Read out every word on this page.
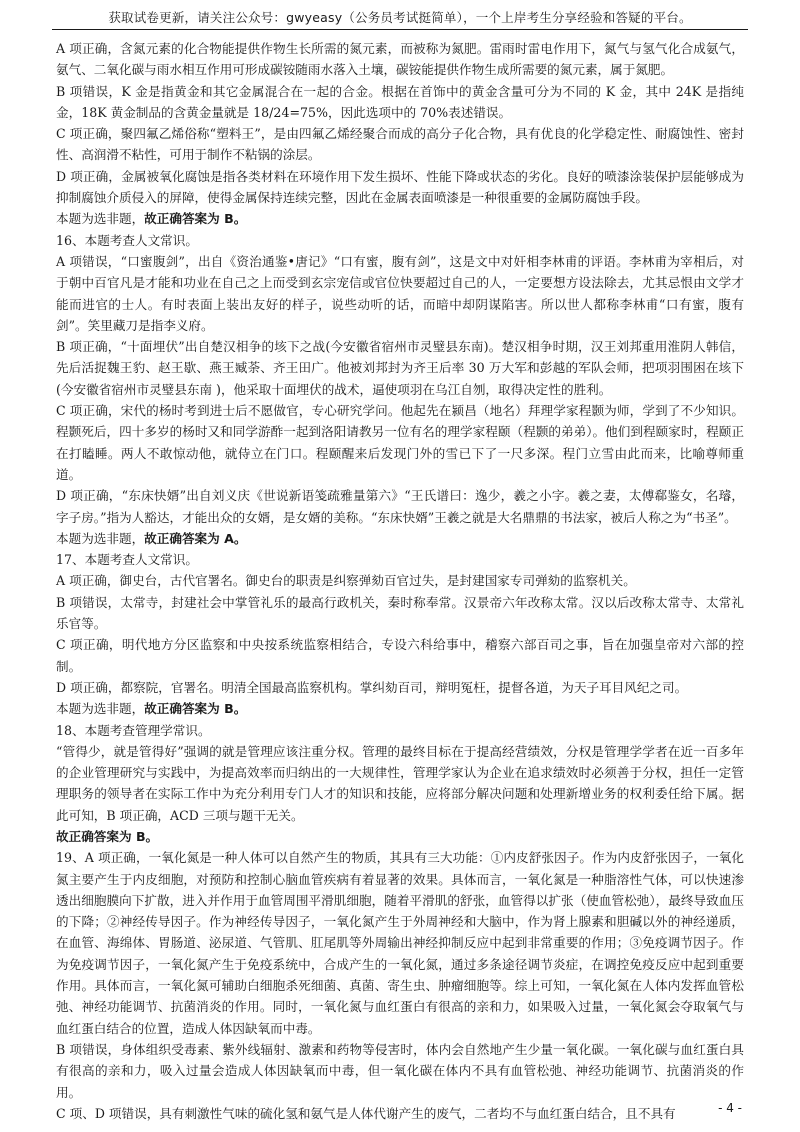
获取试卷更新，请关注公众号：gwyeasy（公务员考试挺简单），一个上岸考生分享经验和答疑的平台。

A 项正确，含氮元素的化合物能提供作物生长所需的氮元素，而被称为氮肥。雷雨时雷电作用下，氮气与氢气化合成氨气，氨气、二氧化碳与雨水相互作用可形成碳铵随雨水落入土壤，碳铵能提供作物生成所需要的氮元素，属于氮肥。

B 项错误，K 金是指黄金和其它金属混合在一起的合金。根据在首饰中的黄金含量可分为不同的 K 金，其中 24K 是指纯金，18K 黄金制品的含黄金量就是 18/24=75%，因此选项中的 70%表述错误。

C 项正确，聚四氟乙烯俗称“塑料王”，是由四氟乙烯经聚合而成的高分子化合物，具有优良的化学稳定性、耐腐蚀性、密封性、高润滑不粘性，可用于制作不粘锅的涂层。

D 项正确，金属被氧化腐蚀是指各类材料在环境作用下发生损坏、性能下降或状态的劣化。良好的喷漆涂装保护层能够成为抑制腐蚀介质侵入的屏障，使得金属保持连续完整，因此在金属表面喷漆是一种很重要的金属防腐蚀手段。

本题为选非题，故正确答案为 B。

16、本题考查人文常识。

A 项错误，“口蜜腹剑”，出自《资治通鉴•唐记》“口有蜜，腹有剑”，这是文中对奸相李林甫的评语。李林甫为宰相后，对于朝中百官凡是才能和功业在自己之上而受到玄宗宠信或官位快要超过自己的人，一定要想方设法除去，尤其忌恨由文学才能而进官的士人。有时表面上装出友好的样子，说些动听的话，而暗中却阴谋陷害。所以世人都称李林甫“口有蜜，腹有剑”。笑里藏刀是指李义府。

B 项正确，“十面埋伏”出自楚汉相争的垓下之战(今安徽省宿州市灵璧县东南)。楚汉相争时期，汉王刘邦重用淮阴人韩信，先后活捉魏王豹、赵王歇、燕王臧荼、齐王田广。他被刘邦封为齐王后率 30 万大军和彭越的军队会师，把项羽围困在垓下(今安徽省宿州市灵璧县东南 )，他采取十面埋伏的战术，逼使项羽在乌江自刎，取得决定性的胜利。

C 项正确，宋代的杨时考到进士后不愿做官，专心研究学问。他起先在颍昌（地名）拜理学家程颢为师，学到了不少知识。程颢死后，四十多岁的杨时又和同学游酢一起到洛阳请教另一位有名的理学家程颐（程颢的弟弟）。他们到程颐家时，程颐正在打瞌睡。两人不敢惊动他，就侍立在门口。程颐醒来后发现门外的雪已下了一尺多深。程门立雪由此而来，比喻尊师重道。

D 项正确，“东床快婿”出自刘义庆《世说新语笺疏雅量第六》“王氏谱曰：逸少，羲之小字。羲之妻，太傅郗鉴女，名璿，字子房。”指为人豁达，才能出众的女婿，是女婿的美称。“东床快婿”王羲之就是大名鼎鼎的书法家，被后人称之为“书圣”。

本题为选非题，故正确答案为 A。

17、本题考查人文常识。

A 项正确，御史台，古代官署名。御史台的职责是纠察弹劾百官过失，是封建国家专司弹劾的监察机关。

B 项错误，太常寺，封建社会中掌管礼乐的最高行政机关，秦时称奉常。汉景帝六年改称太常。汉以后改称太常寺、太常礼乐官等。

C 项正确，明代地方分区监察和中央按系统监察相结合，专设六科给事中，稽察六部百司之事，旨在加强皇帝对六部的控制。

D 项正确，都察院，官署名。明清全国最高监察机构。掌纠劾百司，辩明冤枉，提督各道，为天子耳目风纪之司。

本题为选非题，故正确答案为 B。

18、本题考查管理学常识。

“管得少，就是管得好”强调的就是管理应该注重分权。管理的最终目标在于提高经营绩效，分权是管理学学者在近一百多年的企业管理研究与实践中，为提高效率而归纳出的一大规律性，管理学家认为企业在追求绩效时必须善于分权，担任一定管理职务的领导者在实际工作中为充分利用专门人才的知识和技能，应将部分解决问题和处理新增业务的权利委任给下属。据此可知，B 项正确，ACD 三项与题干无关。

故正确答案为 B。

19、A 项正确，一氧化氮是一种人体可以自然产生的物质，其具有三大功能：①内皮舒张因子。作为内皮舒张因子，一氧化氮主要产生于内皮细胞，对预防和控制心脑血管疾病有着显著的效果。具体而言，一氧化氮是一种脂溶性气体，可以快速渗透出细胞膜向下扩散，进入并作用于血管周围平滑肌细胞，随着平滑肌的舒张，血管得以扩张（使血管松弛），最终导致血压的下降；②神经传导因子。作为神经传导因子，一氧化氮产生于外周神经和大脑中，作为肾上腺素和胆碱以外的神经递质，在血管、海绵体、胃肠道、泌尿道、气管肌、肛尾肌等外周输出神经抑制反应中起到非常重要的作用；③免疫调节因子。作为免疫调节因子，一氧化氮产生于免疫系统中，合成产生的一氧化氮，通过多条途径调节炎症，在调控免疫反应中起到重要作用。具体而言，一氧化氮可辅助白细胞杀死细菌、真菌、寄生虫、肿瘤细胞等。综上可知，一氧化氮在人体内发挥血管松弛、神经功能调节、抗菌消炎的作用。同时，一氧化氮与血红蛋白有很高的亲和力，如果吸入过量，一氧化氮会夺取氧气与血红蛋白结合的位置，造成人体因缺氧而中毒。

B 项错误，身体组织受毒素、紫外线辐射、激素和药物等侵害时，体内会自然地产生少量一氧化碳。一氧化碳与血红蛋白具有很高的亲和力，吸入过量会造成人体因缺氧而中毒，但一氧化碳在体内不具有血管松弛、神经功能调节、抗菌消炎的作用。

C 项、D 项错误，具有刺激性气味的硫化氢和氨气是人体代谢产生的废气，二者均不与血红蛋白结合，且不具有	- 4 -
